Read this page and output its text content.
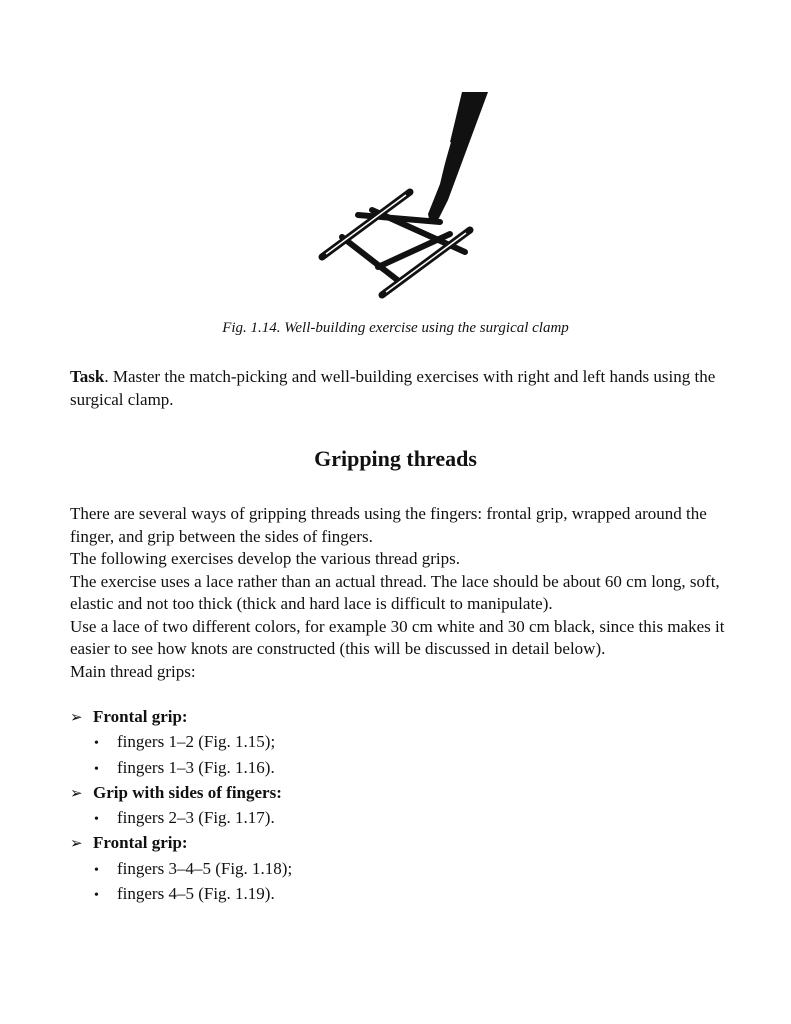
Fig. 1.14. Well-building exercise using the surgical clamp
Task. Master the match-picking and well-building exercises with right and left hands using the surgical clamp.
Gripping threads

There are several ways of gripping threads using the fingers: frontal grip, wrapped around the finger, and grip between the sides of fingers.

The following exercises develop the various thread grips.

The exercise uses a lace rather than an actual thread. The lace should be about 60 cm long, soft, elastic and not too thick (thick and hard lace is difficult to manipulate).

Use a lace of two different colors, for example 30 cm white and 30 cm black, since this makes it easier to see how knots are constructed (this will be discussed in detail below).

Main thread grips:

➢ Frontal grip:
•	fingers 1–2 (Fig. 1.15);
•	fingers 1–3 (Fig. 1.16).
➢ Grip with sides of fingers:
•	fingers 2–3 (Fig. 1.17).
➢ Frontal grip:
•	fingers 3–4–5 (Fig. 1.18);
•	fingers 4–5 (Fig. 1.19).
